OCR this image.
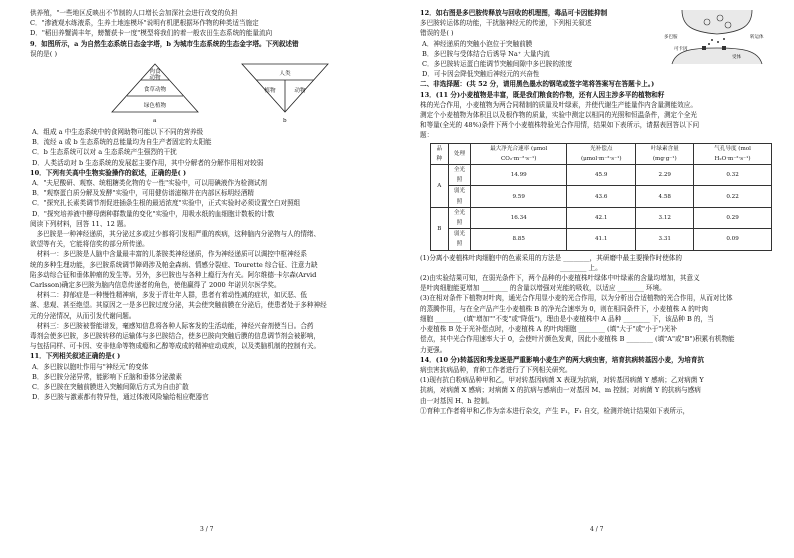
供养殖，"一些地区反映出不节制的人口增长会加深社会进行改变的负担
C．"渗液观水练液系，生养土地连模坏"说明有机肥根据环作物的种类适当施定
D．"稻田养蟹满丰年，螃蟹获卡一度"模型将我们的着一般农田生态系统的能量流向
9．如图所示，a 为自然生态系统日态金字塔，b 为城市生态系统的生态金字塔。下列叙述错
误的是( )
肉食
动物
食草动物
绿色植物
a
人类
植物	动物
b
A．组成 a 中生态系统中的食网助物可能以下不同的营养级
B．流经 a 或 b 生态系统的总能量均为自生产者固定的太阳能
C．b 生态系统可以对 a 生态系统产生强烈的干扰
D．人类活动对 b 生态系统的发展起主要作用，其中分解者的分解作用相对较弱
10．下列有关高中生物实验操作的叙述，正确的是( )
A．"夫尼酸研、观察、统粗糖类化物的专一性"实验中，可以用碘液作为检测试剂
B．"观察蛋白质分解及发酵"实验中，可用健仿谱滤棉并在内部区标明经酒精
C．"探究扎长素类调节剂促进插条生根的最适浓度"实验中，正式实验时必须设置空白对照组
D．"探究培养液中酵母菌种群数量的变化"实验中，用吸水纸的血细胞计数板的计数
阅读下列材料，回答 11、12 题。
　多巴胺是一种神经递质，其分泌过多或过少都将引发相严重的疾病，这种脑内分泌物与人的情绪、
欲望等有关，它能将信奖的部分所传递。
　材料一：多巴胺是人脑中含量最丰富的儿茶胺类神经递质，作为神经递质可以调控中枢神经系
统的多种生理功能，多巴胺系统调节障碍涉及帕金森病、情感分裂症、Tourette 综合征、注意力缺
陷多动综合征和垂体肿瘤的发生等。另外，多巴胺也与各种上瘾行为有关。阿尔维德·卡尔森(Arvid
Carlsson)确定多巴胺为脑内信息传递者的角色，使他赢得了 2000 年诺贝尔医学奖。
　材料二：抑郁症是一种慢性精神病，多发于青壮年人群，患者有着动性减的症状，如厌恶、低
落、悲观、甚至绝望。其原因之一是多巴胺过度分泌，其会使突触前膜在分泌后，使患者处于多种神经
元的分泌情况，从而引发代谢问题。
　材料三：多巴胺被誉能谱发，毫感知信息将各种人际客发的生活动能，神经兴奋剂使当日。合药
毒剂会使多巴胺，多巴胺转移的运输体与多巴胺结合，使多巴胺向突触后膜的信息调节剂会被影响，
与包括同样、可卡因、安非他命等物成瘾和乙醇等成成的精神症动成疾，以及类脑机制的控制有关。
11．下列相关叙述正确的是( )
A．多巴胺以胞吐作用与"神经元"的变体
B．多巴胺分泌异常，能影响下丘脑和垂体分泌激素
C．多巴胺在突触前膜进入突触间隙后方式为自由扩散
D．多巴胺与激素都有特异性，通过体液风险输给相应靶器官
3 / 7
多巴胺	转运体
受体
可卡因
12．如右图是多巴胺传释放与回收的机理图，毒品可卡因能抑制
多巴胺转运体的功能，干扰脑神经元的传递，下列相关叙述
错误的是( )
A．神经递质的突触小泡位于突触前膜
B．多巴胺与受体结合后诱导 Na⁺ 大量内流
C．多巴胺转运蛋白能调节突触间隙中多巴胺的浓度
D．可卡因会降低突触后神经元的兴奋性
二、非选择题：(共 52 分，请用黑色墨水的钢笔或签字笔将答案写在答题卡上。)
13．(11 分)小麦植物是丰富，既是我们粮食的作物，还有人因主涉多平的植物和籽
株的光合作用，小麦植物为两合同精制的质量及叶绿素，并使代谢生产能量作内含量测能效应。
测定个小麦植物为体积且以及根作物的质量，实验中测定以相同的光照和恒温条件，测定个全光
和等量(全光的 48%)条件下两个小麦植株特验光合作用情，结果如下表所示，请据表回答以下问
题：
品种	处理	最大净光合速率 (μmol CO₂·m⁻²·s⁻¹)	光补偿点 (μmol·m⁻²·s⁻¹)	叶绿素含量 (mg·g⁻¹)	气孔导度 (mol H₂O·m⁻²·s⁻¹)
A	全光照	14.99	45.9	2.29	0.32
	弱光照	9.59	43.6	4.58	0.22
B	全光照	16.34	42.1	3.12	0.29
	弱光照	8.85	41.1	3.31	0.09
(1)分离小麦植株叶肉细胞中的色素采用的方法是 ________，其研磨中最主要操作时使体的
________ 上。
(2)由实验结果可知，在弱光条件下，两个品种的小麦植株叶绿体中叶绿素的含量均增加，其意义
是叶肉细胞能更增加 ________ 的含量以增强对光能的吸收，以适应 ________ 环境。
(3)在相对条件下植物对叶肉，通光合作用显小麦的光合作用，以为分析出合适植物的光合作用，从而对比体
的蒸腾作用，与在全产品产生小麦植株 B 的净光合速率为 0，则在相同条件下，小麦植株 A 的叶肉
细胞 ________ (填"增加""不变"或"降低")，理由是小麦植株中 A 品种 ________ 下，该品种 B 的，当
小麦植株 B 处于光补偿点时，小麦植株 A 的叶肉细胞 ________ (填"大于"或"小于")光补
偿点，其中光合作用速率大于 0，会使叶片颜色发黄，因此小麦植株 B ________ (填"A"或"B")积累有机物能
力更强。
14．(10 分)转基因和秀龙逐是严重影响小麦生产的两大病虫害，培育抗病转基因小麦，为培育抗
病虫害抗病品种，育种工作者进行了下列相关研究。
(1)现有抗白粉病品种甲和乙，甲对转基因病菌 X 表现为抗病，对转基因病菌 Y 感病；乙对病菌 Y
抗病，对病菌 X 感病；对病菌 X 的抗病与感病由一对基因 M、m 控制；对病菌 Y 的抗病与感病
由一对基因 H、h 控制。
①育种工作者将甲和乙作为亲本进行杂交，产生 F₁，F₁ 自交，检测并统计结果如下表所示，
4 / 7
